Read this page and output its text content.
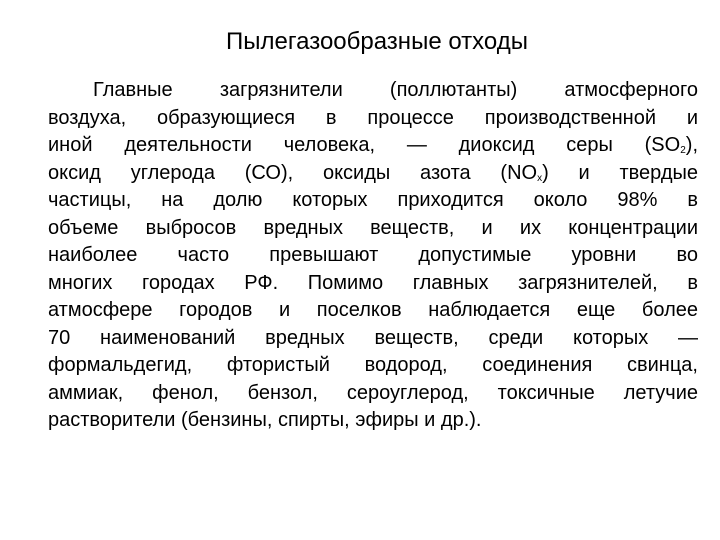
Пылегазообразные отходы
Главные загрязнители (поллютанты) атмосферного
воздуха, образующиеся в процессе производственной и
иной деятельности человека, — диоксид серы $(SO_2)$,
оксид углерода (СО), оксиды азота $(NO_x)$ и твердые
частицы, на долю которых приходится около 98% в
объеме выбросов вредных веществ, и их концентрации
наиболее часто превышают допустимые уровни во
многих городах РФ. Помимо главных загрязнителей, в
атмосфере городов и поселков наблюдается еще более
70 наименований вредных веществ, среди которых —
формальдегид, фтористый водород, соединения свинца,
аммиак, фенол, бензол, сероуглерод, токсичные летучие
растворители (бензины, спирты, эфиры и др.).
